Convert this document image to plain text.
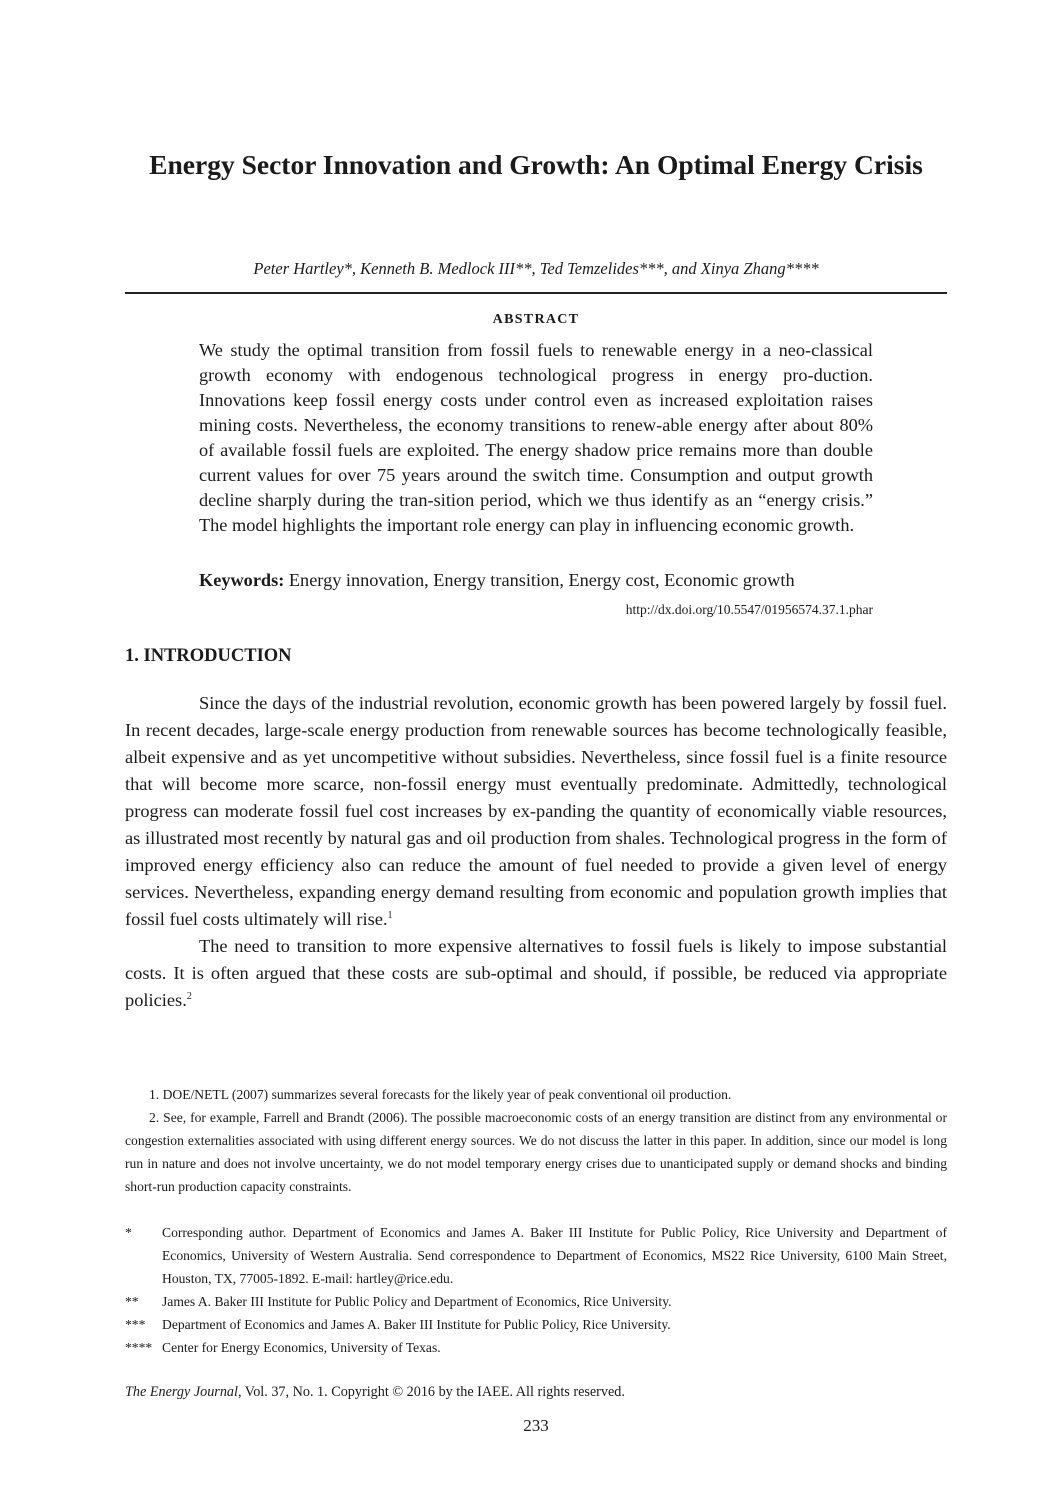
Energy Sector Innovation and Growth: An Optimal Energy Crisis

Peter Hartley*, Kenneth B. Medlock III**, Ted Temzelides***, and Xinya Zhang****

ABSTRACT

We study the optimal transition from fossil fuels to renewable energy in a neo-classical growth economy with endogenous technological progress in energy pro-duction. Innovations keep fossil energy costs under control even as increased exploitation raises mining costs. Nevertheless, the economy transitions to renew-able energy after about 80% of available fossil fuels are exploited. The energy shadow price remains more than double current values for over 75 years around the switch time. Consumption and output growth decline sharply during the tran-sition period, which we thus identify as an “energy crisis.” The model highlights the important role energy can play in influencing economic growth.

Keywords: Energy innovation, Energy transition, Energy cost, Economic growth

http://dx.doi.org/10.5547/01956574.37.1.phar

1. INTRODUCTION

Since the days of the industrial revolution, economic growth has been powered largely by fossil fuel. In recent decades, large-scale energy production from renewable sources has become technologically feasible, albeit expensive and as yet uncompetitive without subsidies. Nevertheless, since fossil fuel is a finite resource that will become more scarce, non-fossil energy must eventually predominate. Admittedly, technological progress can moderate fossil fuel cost increases by ex-panding the quantity of economically viable resources, as illustrated most recently by natural gas and oil production from shales. Technological progress in the form of improved energy efficiency also can reduce the amount of fuel needed to provide a given level of energy services. Nevertheless, expanding energy demand resulting from economic and population growth implies that fossil fuel costs ultimately will rise.$^1$

The need to transition to more expensive alternatives to fossil fuels is likely to impose substantial costs. It is often argued that these costs are sub-optimal and should, if possible, be reduced via appropriate policies.$^2$

1. DOE/NETL (2007) summarizes several forecasts for the likely year of peak conventional oil production.

2. See, for example, Farrell and Brandt (2006). The possible macroeconomic costs of an energy transition are distinct from any environmental or congestion externalities associated with using different energy sources. We do not discuss the latter in this paper. In addition, since our model is long run in nature and does not involve uncertainty, we do not model temporary energy crises due to unanticipated supply or demand shocks and binding short-run production capacity constraints.

*	Corresponding author. Department of Economics and James A. Baker III Institute for Public Policy, Rice University and Department of Economics, University of Western Australia. Send correspondence to Department of Economics, MS22 Rice University, 6100 Main Street, Houston, TX, 77005-1892. E-mail: hartley@rice.edu.
**	James A. Baker III Institute for Public Policy and Department of Economics, Rice University.
***	Department of Economics and James A. Baker III Institute for Public Policy, Rice University.
**** Center for Energy Economics, University of Texas.

The Energy Journal, Vol. 37, No. 1. Copyright © 2016 by the IAEE. All rights reserved.

233
